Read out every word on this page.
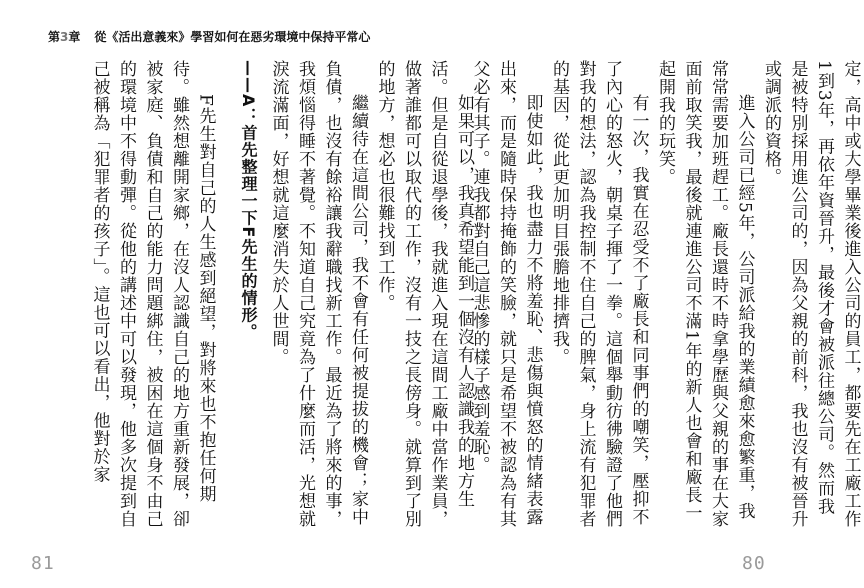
第3章 從《活出意義來》學習如何在惡劣環境中保持平常心

定，高中或大學畢業後進入公司的員工，都要先在工廠工作1到3年，再依年資晉升，最後才會被派往總公司。然而我是被特別採用進公司的，因為父親的前科，我也沒有被晉升或調派的資格。

進入公司已經5年，公司派給我的業績愈來愈繁重，我常常需要加班趕工。廠長還時不時拿學歷與父親的事在大家面前取笑我，最後就連進公司不滿1年的新人也會和廠長一起開我的玩笑。

有一次，我實在忍受不了廠長和同事們的嘲笑，壓抑不了內心的怒火，朝桌子揮了一拳。這個舉動彷彿驗證了他們對我的想法，認為我控制不住自己的脾氣，身上流有犯罪者的基因，從此更加明目張膽地排擠我。

即使如此，我也盡力不將羞恥、悲傷與憤怒的情緒表露出來，而是隨時保持掩飾的笑臉，就只是希望不被認為有其父必有其子。連我都對自己這悲慘的樣子感到羞恥。

如果可以，我真希望能到一個沒有人認識我的地方生活。但是自從退學後，我就進入現在這間工廠中當作業員，做著誰都可以取代的工作，沒有一技之長傍身。就算到了別的地方，想必也很難找到工作。

繼續待在這間公司，我不會有任何被提拔的機會；家中負債，也沒有餘裕讓我辭職找新工作。最近為了將來的事，我煩惱得睡不著覺。不知道自己究竟為了什麼而活，光想就淚流滿面，好想就這麼消失於人世間。

——A：首先整理一下F先生的情形。

F先生對自己的人生感到絕望，對將來也不抱任何期待。雖然想離開家鄉，在沒人認識自己的地方重新發展，卻被家庭、負債和自己的能力問題綁住，被困在這個身不由己的環境中不得動彈。從他的講述中可以發現，他多次提到自己被稱為「犯罪者的孩子」。這也可以看出，他對於家

81	80
